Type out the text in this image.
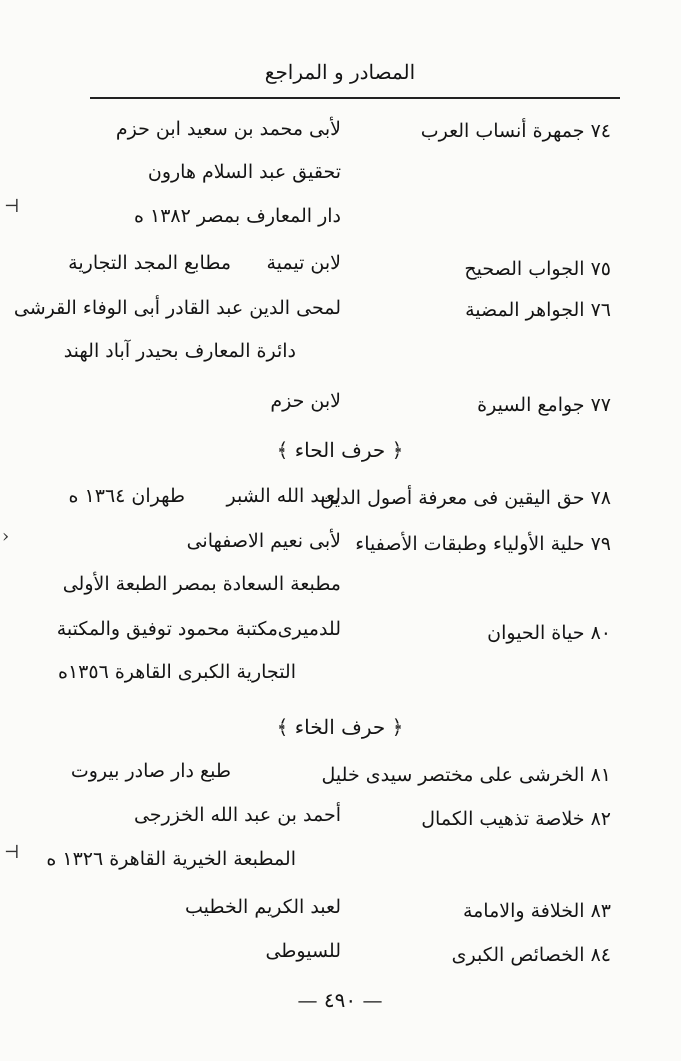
المصادر و المراجع
٧٤ جمهرة أنساب العرب
لأبى محمد بن سعيد ابن حزم
تحقيق عبد السلام هارون
دار المعارف بمصر ١٣٨٢ ه
٧٥ الجواب الصحيح
لابن تيمية
مطابع المجد التجارية
٧٦ الجواهر المضية
لمحى الدين عبد القادر أبى الوفاء القرشى
دائرة المعارف بحيدر آباد الهند
٧٧ جوامع السيرة
لابن حزم
﴿ حرف الحاء ﴾
٧٨ حق اليقين فى معرفة أصول الدين
لعبد الله الشبر
طهران ١٣٦٤ ه
٧٩ حلية الأولياء وطبقات الأصفياء
لأبى نعيم الاصفهانى
مطبعة السعادة بمصر الطبعة الأولى
٨٠ حياة الحيوان
للدميرى
مكتبة محمود توفيق والمكتبة
التجارية الكبرى القاهرة ١٣٥٦ه
﴿ حرف الخاء ﴾
٨١ الخرشى على مختصر سيدى خليل
طبع دار صادر بيروت
٨٢ خلاصة تذهيب الكمال
أحمد بن عبد الله الخزرجى
المطبعة الخيرية القاهرة ١٣٢٦ ه
٨٣ الخلافة والامامة
لعبد الكريم الخطيب
٨٤ الخصائص الكبرى
للسيوطى
— ٤٩٠ —
⊣
›
⊣
